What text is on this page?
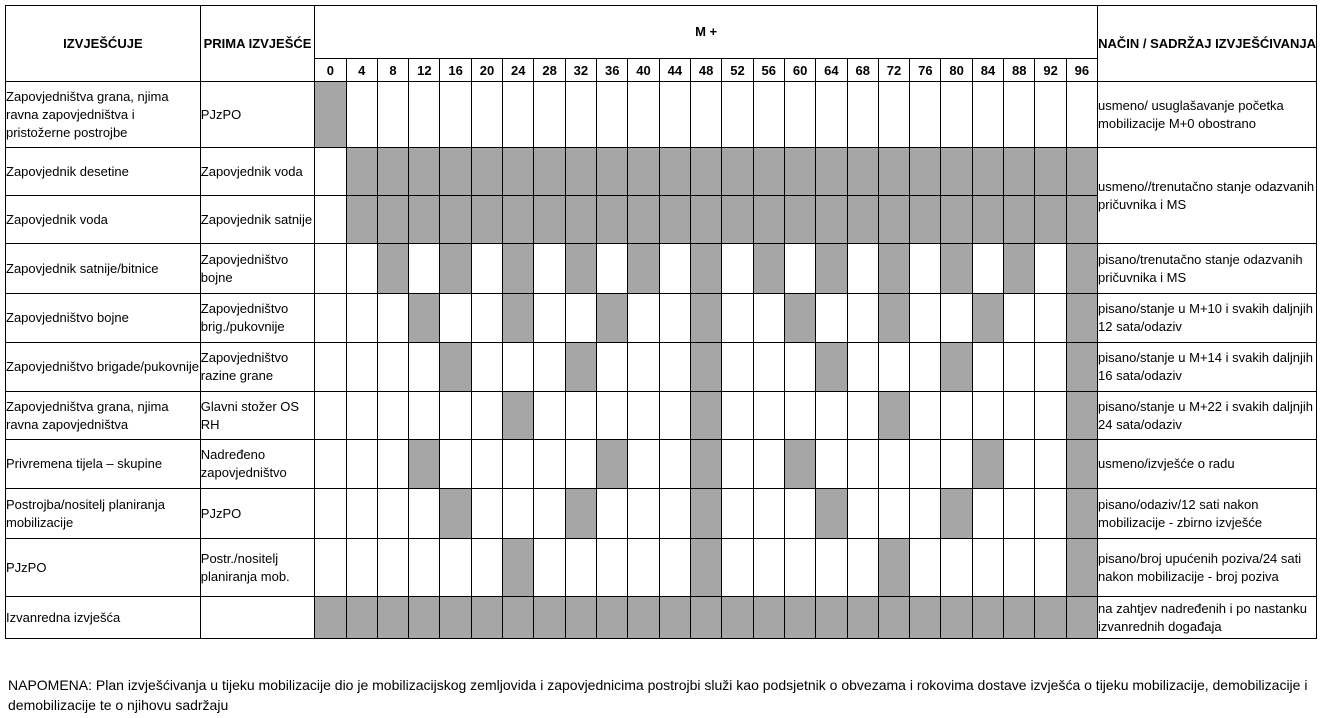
IZVJEŠĆUJE	PRIMA IZVJEŠĆE	M +																									NAČIN / SADRŽAJ IZVJEŠĆIVANJA
		0	4	8	12	16	20	24	28	32	36	40	44	48	52	56	60	64	68	72	76	80	84	88	92	96	
Zapovjedništva grana, njima ravna zapovjedništva i pristožerne postrojbe	PJzPO																										usmeno/ usuglašavanje početka mobilizacije M+0 obostrano
Zapovjednik desetine	Zapovjednik voda																										usmeno//trenutačno stanje odazvanih pričuvnika i MS
Zapovjednik voda	Zapovjednik satnije																										
Zapovjednik satnije/bitnice	Zapovjedništvo bojne																										pisano/trenutačno stanje odazvanih pričuvnika i MS
Zapovjedništvo bojne	Zapovjedništvo brig./pukovnije																										pisano/stanje u M+10 i svakih daljnjih 12 sata/odaziv
Zapovjedništvo brigade/pukovnije	Zapovjedništvo razine grane																										pisano/stanje u M+14 i svakih daljnjih 16 sata/odaziv
Zapovjedništva grana, njima ravna zapovjedništva	Glavni stožer OS RH																										pisano/stanje u M+22 i svakih daljnjih 24 sata/odaziv
Privremena tijela – skupine	Nadređeno zapovjedništvo																										usmeno/izvješće o radu
Postrojba/nositelj planiranja mobilizacije	PJzPO																										pisano/odaziv/12 sati nakon mobilizacije - zbirno izvješće
PJzPO	Postr./nositelj planiranja mob.																										pisano/broj upućenih poziva/24 sati nakon mobilizacije - broj poziva
Izvanredna izvješća																											na zahtjev nadređenih i po nastanku izvanrednih događaja
NAPOMENA: Plan izvješćivanja u tijeku mobilizacije dio je mobilizacijskog zemljovida i zapovjednicima postrojbi služi kao podsjetnik o obvezama i rokovima dostave izvješća o tijeku mobilizacije, demobilizacije i demobilizacije te o njihovu sadržaju
